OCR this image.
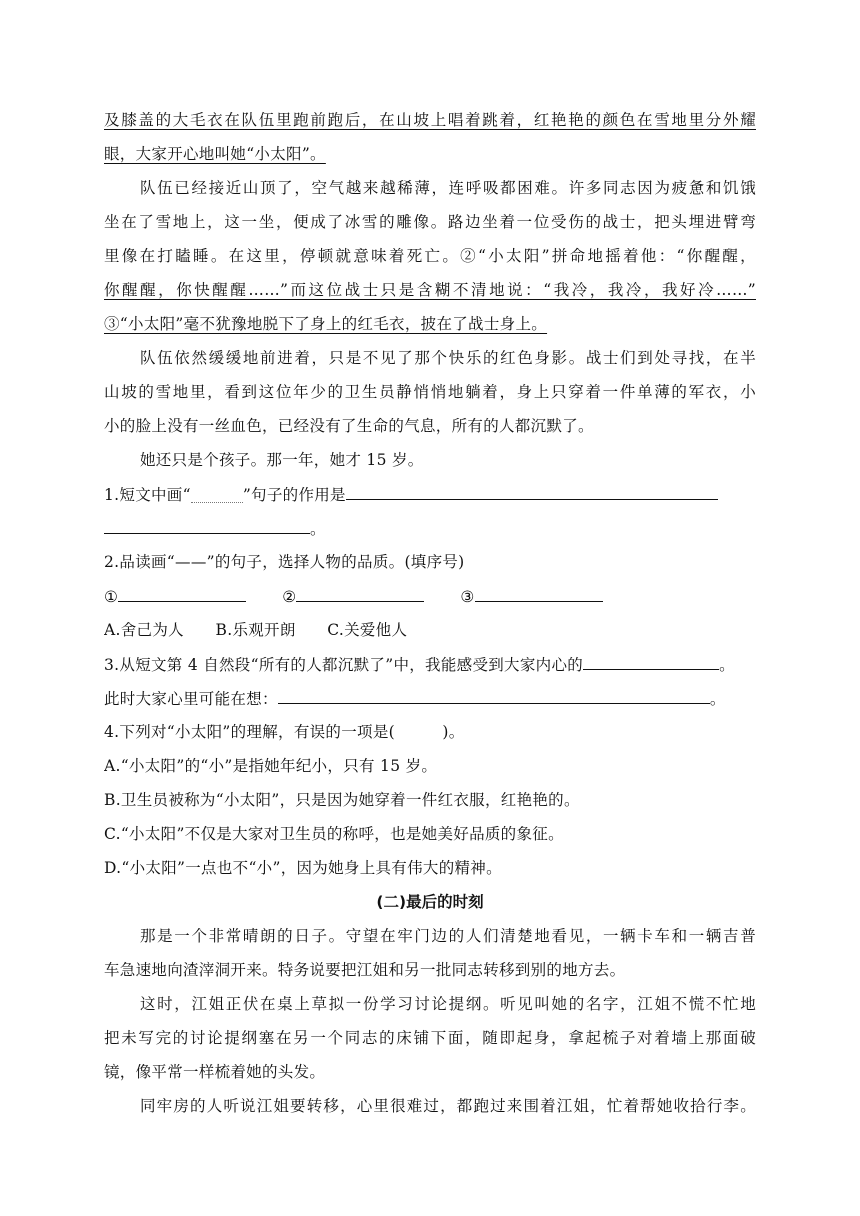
及膝盖的大毛衣在队伍里跑前跑后，在山坡上唱着跳着，红艳艳的颜色在雪地里分外耀
眼，大家开心地叫她“小太阳”。
队伍已经接近山顶了，空气越来越稀薄，连呼吸都困难。许多同志因为疲惫和饥饿
坐在了雪地上，这一坐，便成了冰雪的雕像。路边坐着一位受伤的战士，把头埋进臂弯
里像在打瞌睡。在这里，停顿就意味着死亡。②“小太阳”拼命地摇着他：“你醒醒，
你醒醒，你快醒醒……”而这位战士只是含糊不清地说：“我冷，我冷，我好冷……”
③“小太阳”毫不犹豫地脱下了身上的红毛衣，披在了战士身上。
队伍依然缓缓地前进着，只是不见了那个快乐的红色身影。战士们到处寻找，在半
山坡的雪地里，看到这位年少的卫生员静悄悄地躺着，身上只穿着一件单薄的军衣，小
小的脸上没有一丝血色，已经没有了生命的气息，所有的人都沉默了。
她还只是个孩子。那一年，她才 15 岁。
1.短文中画“	”句子的作用是
。
2.品读画“——”的句子，选择人物的品质。(填序号)
①	②	③
A.舍己为人　　B.乐观开朗　　C.关爱他人
3.从短文第 4 自然段“所有的人都沉默了”中，我能感受到大家内心的	。
此时大家心里可能在想：	。
4.下列对“小太阳”的理解，有误的一项是(　　　)。
A.“小太阳”的“小”是指她年纪小，只有 15 岁。
B.卫生员被称为“小太阳”，只是因为她穿着一件红衣服，红艳艳的。
C.“小太阳”不仅是大家对卫生员的称呼，也是她美好品质的象征。
D.“小太阳”一点也不“小”，因为她身上具有伟大的精神。
(二)最后的时刻
那是一个非常晴朗的日子。守望在牢门边的人们清楚地看见，一辆卡车和一辆吉普
车急速地向渣滓洞开来。特务说要把江姐和另一批同志转移到别的地方去。
这时，江姐正伏在桌上草拟一份学习讨论提纲。听见叫她的名字，江姐不慌不忙地
把未写完的讨论提纲塞在另一个同志的床铺下面，随即起身，拿起梳子对着墙上那面破
镜，像平常一样梳着她的头发。
同牢房的人听说江姐要转移，心里很难过，都跑过来围着江姐，忙着帮她收拾行李。
